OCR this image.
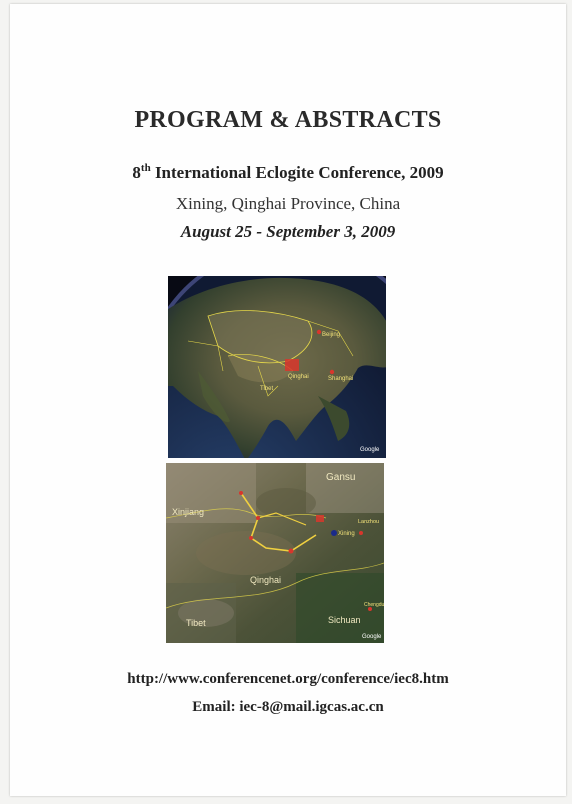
PROGRAM & ABSTRACTS
8th International Eclogite Conference, 2009
Xining, Qinghai Province, China
August 25 - September 3, 2009
Beijing
Qinghai	Shanghai
Tibet
Google
Gansu
Xinjiang
Xining
Lanzhou
Qinghai
Tibet	Sichuan
Chengdu
Google
http://www.conferencenet.org/conference/iec8.htm
Email: iec-8@mail.igcas.ac.cn
